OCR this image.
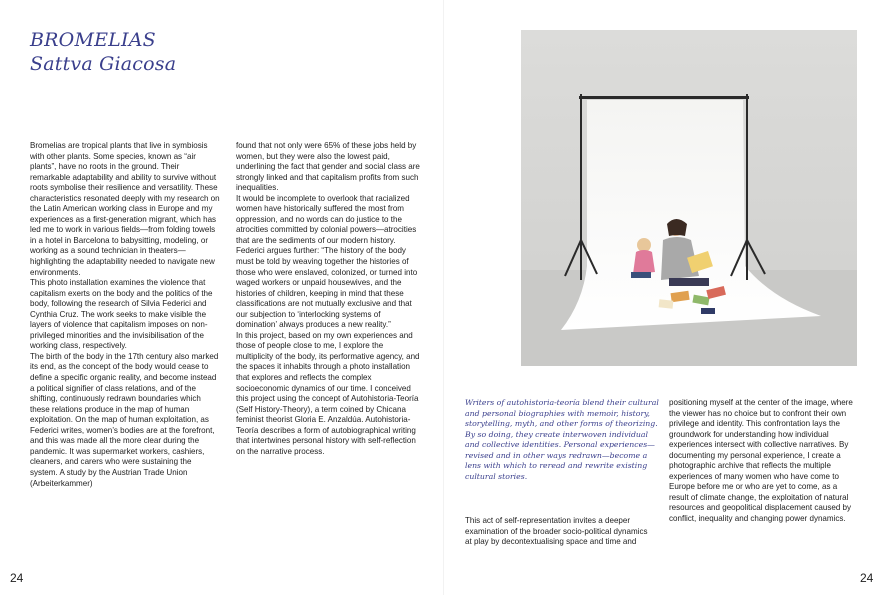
BROMELIAS
Sattva Giacosa

Bromelias are tropical plants that live in symbiosis with other plants. Some species, known as “air plants”, have no roots in the ground. Their remarkable adaptability and ability to survive without roots symbolise their resilience and versatility. These characteristics resonated deeply with my research on the Latin American working class in Europe and my experiences as a first-generation migrant, which has led me to work in various fields—from folding towels in a hotel in Barcelona to babysitting, modeling, or working as a sound technician in theaters—highlighting the adaptability needed to navigate new environments.

This photo installation examines the violence that capitalism exerts on the body and the politics of the body, following the research of Silvia Federici and Cynthia Cruz. The work seeks to make visible the layers of violence that capitalism imposes on non-privileged minorities and the invisibilisation of the working class, respectively.

The birth of the body in the 17th century also marked its end, as the concept of the body would cease to define a specific organic reality, and become instead a political signifier of class relations, and of the shifting, continuously redrawn boundaries which these relations produce in the map of human exploitation. On the map of human exploitation, as Federici writes, women’s bodies are at the forefront, and this was made all the more clear during the pandemic. It was supermarket workers, cashiers, cleaners, and carers who were sustaining the system. A study by the Austrian Trade Union (Arbeiterkammer)

found that not only were 65% of these jobs held by women, but they were also the lowest paid, underlining the fact that gender and social class are strongly linked and that capitalism profits from such inequalities.

It would be incomplete to overlook that racialized women have historically suffered the most from oppression, and no words can do justice to the atrocities committed by colonial powers—atrocities that are the sediments of our modern history. Federici argues further: “The history of the body must be told by weaving together the histories of those who were enslaved, colonized, or turned into waged workers or unpaid housewives, and the histories of children, keeping in mind that these classifications are not mutually exclusive and that our subjection to ‘interlocking systems of domination’ always produces a new reality.”

In this project, based on my own experiences and those of people close to me, I explore the multiplicity of the body, its performative agency, and the spaces it inhabits through a photo installation that explores and reflects the complex socioeconomic dynamics of our time. I conceived this project using the concept of Autohistoria-Teoría (Self History-Theory), a term coined by Chicana feminist theorist Gloria E. Anzaldúa. Autohistoria-Teoría describes a form of autobiographical writing that intertwines personal history with self-reflection on the narrative process.

Writers of autohistoria-teoría blend their cultural and personal biographies with memoir, history, storytelling, myth, and other forms of theorizing. By so doing, they create interwoven individual and collective identities. Personal experiences—revised and in other ways redrawn—become a lens with which to reread and rewrite existing cultural stories.

This act of self-representation invites a deeper examination of the broader socio-political dynamics at play by decontextualising space and time and

positioning myself at the center of the image, where the viewer has no choice but to confront their own privilege and identity. This confrontation lays the groundwork for understanding how individual experiences intersect with collective narratives. By documenting my personal experience, I create a photographic archive that reflects the multiple experiences of many women who have come to Europe before me or who are yet to come, as a result of climate change, the exploitation of natural resources and geopolitical displacement caused by conflict, inequality and changing power dynamics.

24	24
